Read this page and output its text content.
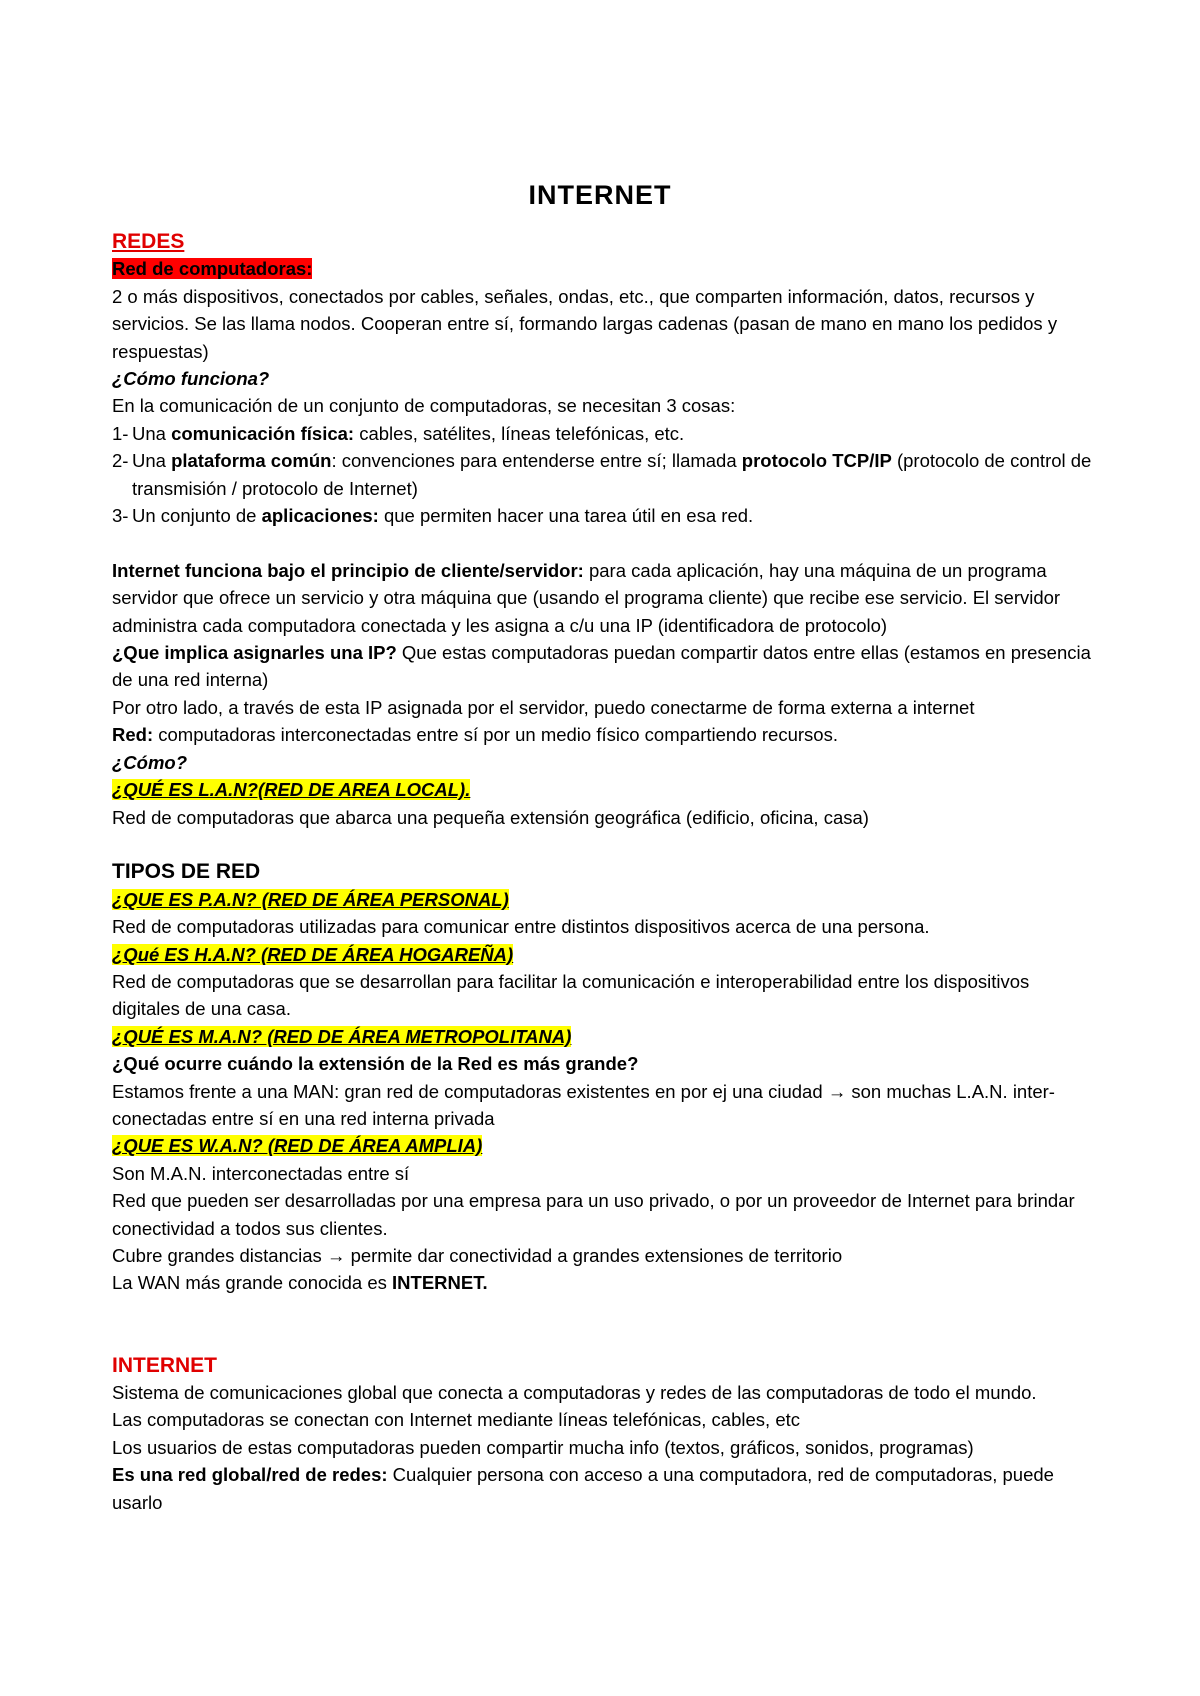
INTERNET

REDES

Red de computadoras:

2 o más dispositivos, conectados por cables, señales, ondas, etc., que comparten información, datos, recursos y servicios. Se las llama nodos. Cooperan entre sí, formando largas cadenas (pasan de mano en mano los pedidos y respuestas)

¿Cómo funciona?

En la comunicación de un conjunto de computadoras, se necesitan 3 cosas:

1- Una comunicación física: cables, satélites, líneas telefónicas, etc.
2- Una plataforma común: convenciones para entenderse entre sí; llamada protocolo TCP/IP (protocolo de control de transmisión / protocolo de Internet)
3- Un conjunto de aplicaciones: que permiten hacer una tarea útil en esa red.

Internet funciona bajo el principio de cliente/servidor: para cada aplicación, hay una máquina de un programa servidor que ofrece un servicio y otra máquina que (usando el programa cliente) que recibe ese servicio. El servidor administra cada computadora conectada y les asigna a c/u una IP (identificadora de protocolo)

¿Que implica asignarles una IP? Que estas computadoras puedan compartir datos entre ellas (estamos en presencia de una red interna)

Por otro lado, a través de esta IP asignada por el servidor, puedo conectarme de forma externa a internet

Red: computadoras interconectadas entre sí por un medio físico compartiendo recursos.

¿Cómo?

¿QUÉ ES L.A.N?(RED DE AREA LOCAL).

Red de computadoras que abarca una pequeña extensión geográfica (edificio, oficina, casa)

TIPOS DE RED

¿QUE ES P.A.N? (RED DE ÁREA PERSONAL)

Red de computadoras utilizadas para comunicar entre distintos dispositivos acerca de una persona.

¿Qué ES H.A.N? (RED DE ÁREA HOGAREÑA)

Red de computadoras que se desarrollan para facilitar la comunicación e interoperabilidad entre los dispositivos digitales de una casa.

¿QUÉ ES M.A.N? (RED DE ÁREA METROPOLITANA)

¿Qué ocurre cuándo la extensión de la Red es más grande?

Estamos frente a una MAN: gran red de computadoras existentes en por ej una ciudad → son muchas L.A.N. inter-conectadas entre sí en una red interna privada

¿QUE ES W.A.N? (RED DE ÁREA AMPLIA)

Son M.A.N. interconectadas entre sí

Red que pueden ser desarrolladas por una empresa para un uso privado, o por un proveedor de Internet para brindar conectividad a todos sus clientes.

Cubre grandes distancias → permite dar conectividad a grandes extensiones de territorio

La WAN más grande conocida es INTERNET.

INTERNET

Sistema de comunicaciones global que conecta a computadoras y redes de las computadoras de todo el mundo.

Las computadoras se conectan con Internet mediante líneas telefónicas, cables, etc

Los usuarios de estas computadoras pueden compartir mucha info (textos, gráficos, sonidos, programas)

Es una red global/red de redes: Cualquier persona con acceso a una computadora, red de computadoras, puede usarlo
